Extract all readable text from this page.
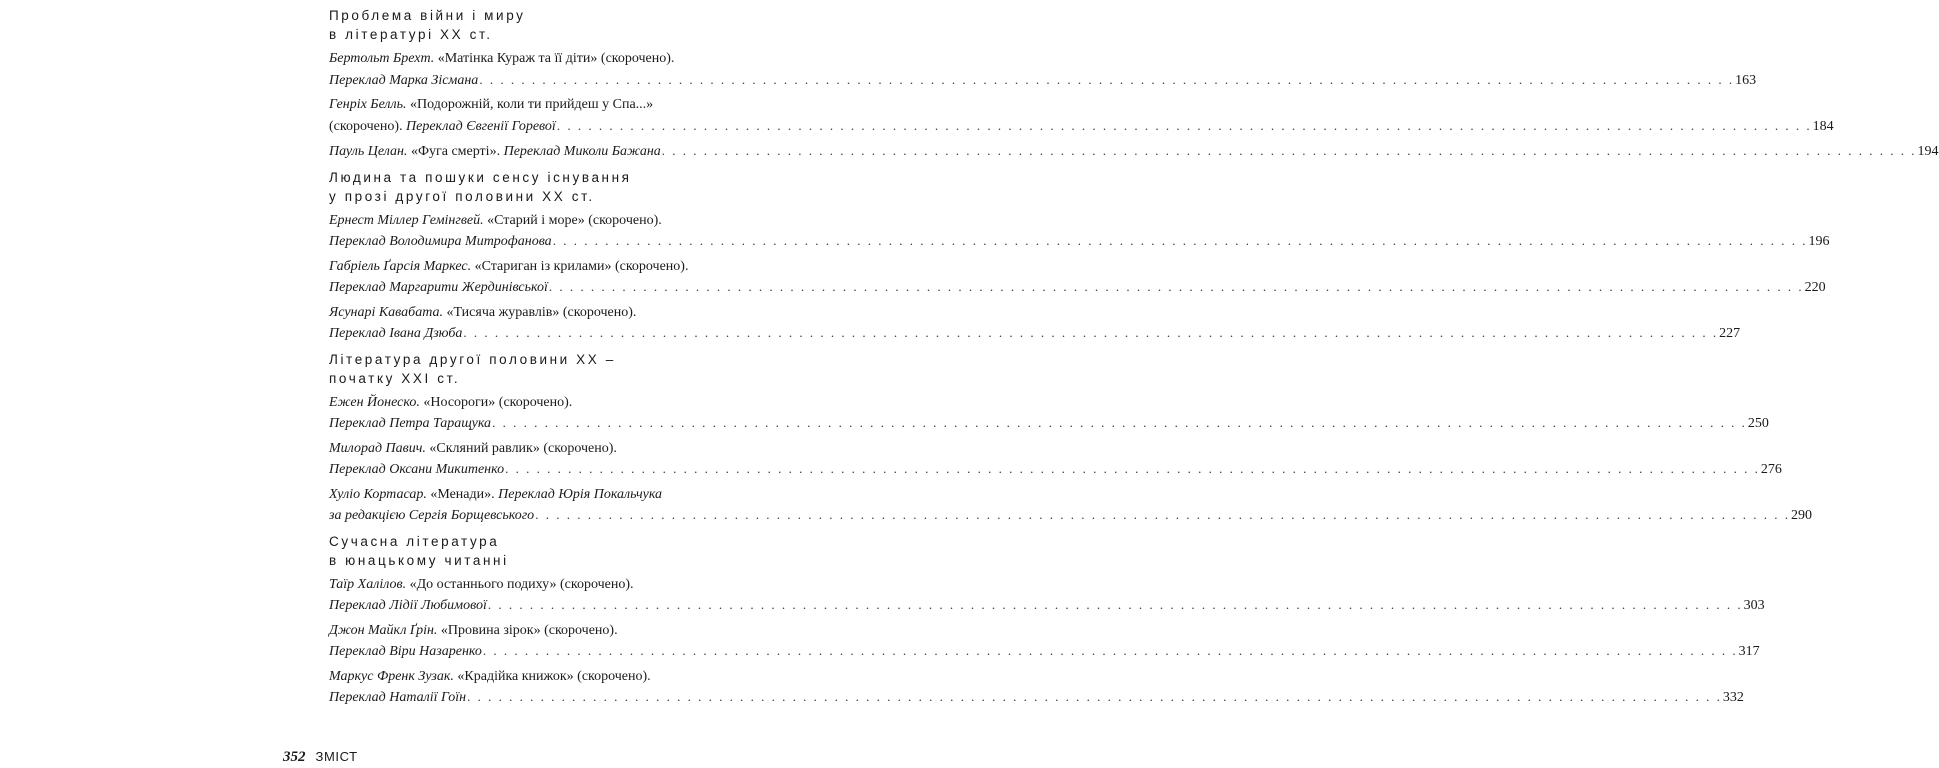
Проблема війни і миру
в літературі XX ст.
Бертольт Брехт. «Матінка Кураж та її діти» (скорочено).
Переклад Марка Зісмана . . . . . . . . . . . . . . . . . . . . . . . . . . . . . . . . . . . . . . . . . . . . . . . . . . . . . . . . . . . . . . . . . . . . . . . . . . . . . . . . . . . . . . . . . . . . . . . . . . . . . . . . . . . . . . . . . . . . . . . . 163
Генріх Белль. «Подорожній, коли ти прийдеш у Спа...»
(скорочено). Переклад Євгенії Горевої . . . . . . . . . . . . . . . . . . . . . . . . . . . . . . . . . . . . . . . . . . . . . . . . . . . . . . . . . . . . . . . . . . . . . . . . . . . . . . . . . . . . . . . . . . . . . . . . . . . . . . . . . . . . . . . . . . . . . . . . 184
Пауль Целан. «Фуга смерті». Переклад Миколи Бажана . . . . . . . . . . . . . . . . . . . . . . . . . . . . . . . . . . . . . . . . . . . . . . . . . . . . . . . . . . . . . . . . . . . . . . . . . . . . . . . . . . . . . . . . . . . . . . . . . . . . . . . . . . . . . . . . . . . . . . . . 194
Людина та пошуки сенсу існування
у прозі другої половини XX ст.
Ернест Міллер Гемінгвей. «Старий і море» (скорочено).
Переклад Володимира Митрофанова . . . . . . . . . . . . . . . . . . . . . . . . . . . . . . . . . . . . . . . . . . . . . . . . . . . . . . . . . . . . . . . . . . . . . . . . . . . . . . . . . . . . . . . . . . . . . . . . . . . . . . . . . . . . . . . . . . . . . . . . 196
Габріель Ґарсія Маркес. «Стариган із крилами» (скорочено).
Переклад Маргарити Жердинівської . . . . . . . . . . . . . . . . . . . . . . . . . . . . . . . . . . . . . . . . . . . . . . . . . . . . . . . . . . . . . . . . . . . . . . . . . . . . . . . . . . . . . . . . . . . . . . . . . . . . . . . . . . . . . . . . . . . . . . . . 220
Ясунарі Кавабата. «Тисяча журавлів» (скорочено).
Переклад Івана Дзюба . . . . . . . . . . . . . . . . . . . . . . . . . . . . . . . . . . . . . . . . . . . . . . . . . . . . . . . . . . . . . . . . . . . . . . . . . . . . . . . . . . . . . . . . . . . . . . . . . . . . . . . . . . . . . . . . . . . . . . . . 227
Література другої половини XX –
початку XXI ст.
Ежен Йонеско. «Носороги» (скорочено).
Переклад Петра Таращука . . . . . . . . . . . . . . . . . . . . . . . . . . . . . . . . . . . . . . . . . . . . . . . . . . . . . . . . . . . . . . . . . . . . . . . . . . . . . . . . . . . . . . . . . . . . . . . . . . . . . . . . . . . . . . . . . . . . . . . . 250
Милорад Павич. «Скляний равлик» (скорочено).
Переклад Оксани Микитенко . . . . . . . . . . . . . . . . . . . . . . . . . . . . . . . . . . . . . . . . . . . . . . . . . . . . . . . . . . . . . . . . . . . . . . . . . . . . . . . . . . . . . . . . . . . . . . . . . . . . . . . . . . . . . . . . . . . . . . . . 276
Хуліо Кортасар. «Менади». Переклад Юрія Покальчука
за редакцією Сергія Борщевського . . . . . . . . . . . . . . . . . . . . . . . . . . . . . . . . . . . . . . . . . . . . . . . . . . . . . . . . . . . . . . . . . . . . . . . . . . . . . . . . . . . . . . . . . . . . . . . . . . . . . . . . . . . . . . . . . . . . . . . . 290
Сучасна література
в юнацькому читанні
Таїр Халілов. «До останнього подиху» (скорочено).
Переклад Лідії Любимової . . . . . . . . . . . . . . . . . . . . . . . . . . . . . . . . . . . . . . . . . . . . . . . . . . . . . . . . . . . . . . . . . . . . . . . . . . . . . . . . . . . . . . . . . . . . . . . . . . . . . . . . . . . . . . . . . . . . . . . . 303
Джон Майкл Ґрін. «Провина зірок» (скорочено).
Переклад Віри Назаренко . . . . . . . . . . . . . . . . . . . . . . . . . . . . . . . . . . . . . . . . . . . . . . . . . . . . . . . . . . . . . . . . . . . . . . . . . . . . . . . . . . . . . . . . . . . . . . . . . . . . . . . . . . . . . . . . . . . . . . . . 317
Маркус Френк Зузак. «Крадійка книжок» (скорочено).
Переклад Наталії Гоїн . . . . . . . . . . . . . . . . . . . . . . . . . . . . . . . . . . . . . . . . . . . . . . . . . . . . . . . . . . . . . . . . . . . . . . . . . . . . . . . . . . . . . . . . . . . . . . . . . . . . . . . . . . . . . . . . . . . . . . . . 332
352 ЗМІСТ
